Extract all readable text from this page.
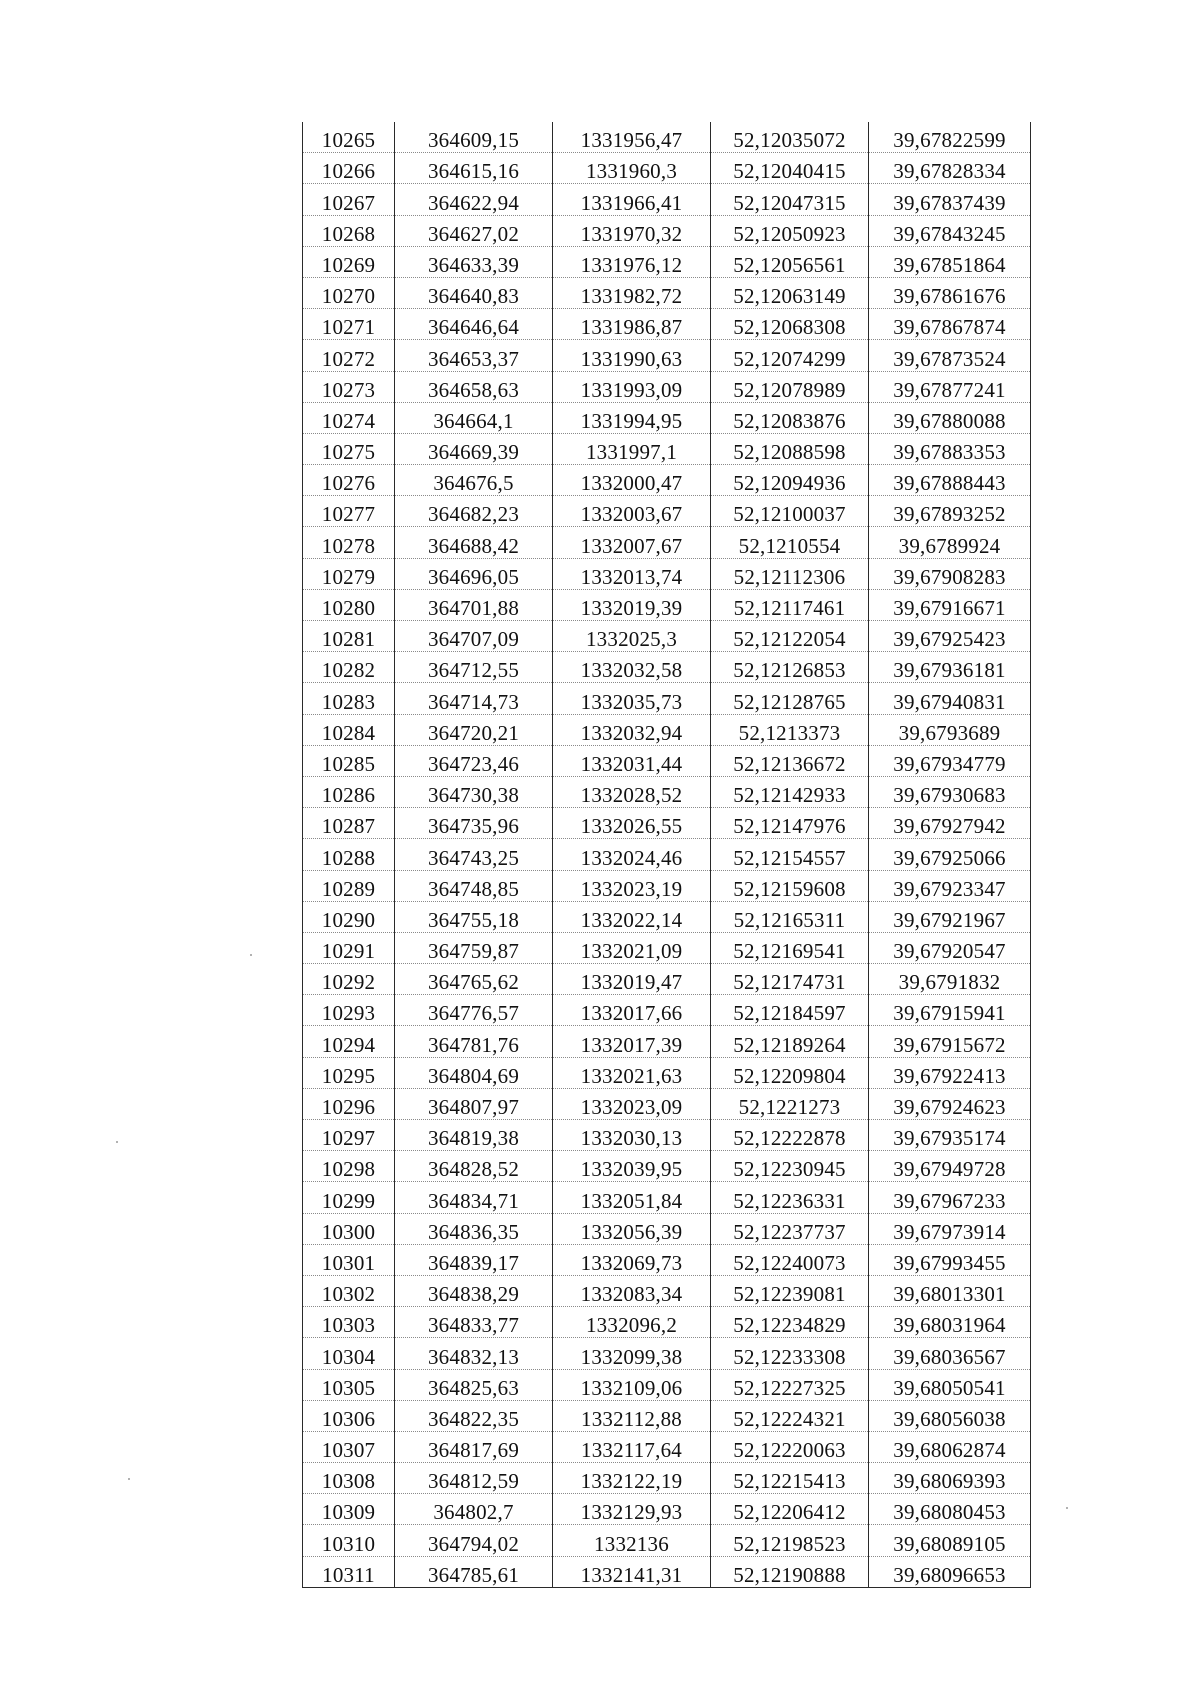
10265	364609,15	1331956,47	52,12035072	39,67822599
10266	364615,16	1331960,3	52,12040415	39,67828334
10267	364622,94	1331966,41	52,12047315	39,67837439
10268	364627,02	1331970,32	52,12050923	39,67843245
10269	364633,39	1331976,12	52,12056561	39,67851864
10270	364640,83	1331982,72	52,12063149	39,67861676
10271	364646,64	1331986,87	52,12068308	39,67867874
10272	364653,37	1331990,63	52,12074299	39,67873524
10273	364658,63	1331993,09	52,12078989	39,67877241
10274	364664,1	1331994,95	52,12083876	39,67880088
10275	364669,39	1331997,1	52,12088598	39,67883353
10276	364676,5	1332000,47	52,12094936	39,67888443
10277	364682,23	1332003,67	52,12100037	39,67893252
10278	364688,42	1332007,67	52,1210554	39,6789924
10279	364696,05	1332013,74	52,12112306	39,67908283
10280	364701,88	1332019,39	52,12117461	39,67916671
10281	364707,09	1332025,3	52,12122054	39,67925423
10282	364712,55	1332032,58	52,12126853	39,67936181
10283	364714,73	1332035,73	52,12128765	39,67940831
10284	364720,21	1332032,94	52,1213373	39,6793689
10285	364723,46	1332031,44	52,12136672	39,67934779
10286	364730,38	1332028,52	52,12142933	39,67930683
10287	364735,96	1332026,55	52,12147976	39,67927942
10288	364743,25	1332024,46	52,12154557	39,67925066
10289	364748,85	1332023,19	52,12159608	39,67923347
10290	364755,18	1332022,14	52,12165311	39,67921967
10291	364759,87	1332021,09	52,12169541	39,67920547
10292	364765,62	1332019,47	52,12174731	39,6791832
10293	364776,57	1332017,66	52,12184597	39,67915941
10294	364781,76	1332017,39	52,12189264	39,67915672
10295	364804,69	1332021,63	52,12209804	39,67922413
10296	364807,97	1332023,09	52,1221273	39,67924623
10297	364819,38	1332030,13	52,12222878	39,67935174
10298	364828,52	1332039,95	52,12230945	39,67949728
10299	364834,71	1332051,84	52,12236331	39,67967233
10300	364836,35	1332056,39	52,12237737	39,67973914
10301	364839,17	1332069,73	52,12240073	39,67993455
10302	364838,29	1332083,34	52,12239081	39,68013301
10303	364833,77	1332096,2	52,12234829	39,68031964
10304	364832,13	1332099,38	52,12233308	39,68036567
10305	364825,63	1332109,06	52,12227325	39,68050541
10306	364822,35	1332112,88	52,12224321	39,68056038
10307	364817,69	1332117,64	52,12220063	39,68062874
10308	364812,59	1332122,19	52,12215413	39,68069393
10309	364802,7	1332129,93	52,12206412	39,68080453
10310	364794,02	1332136	52,12198523	39,68089105
10311	364785,61	1332141,31	52,12190888	39,68096653
